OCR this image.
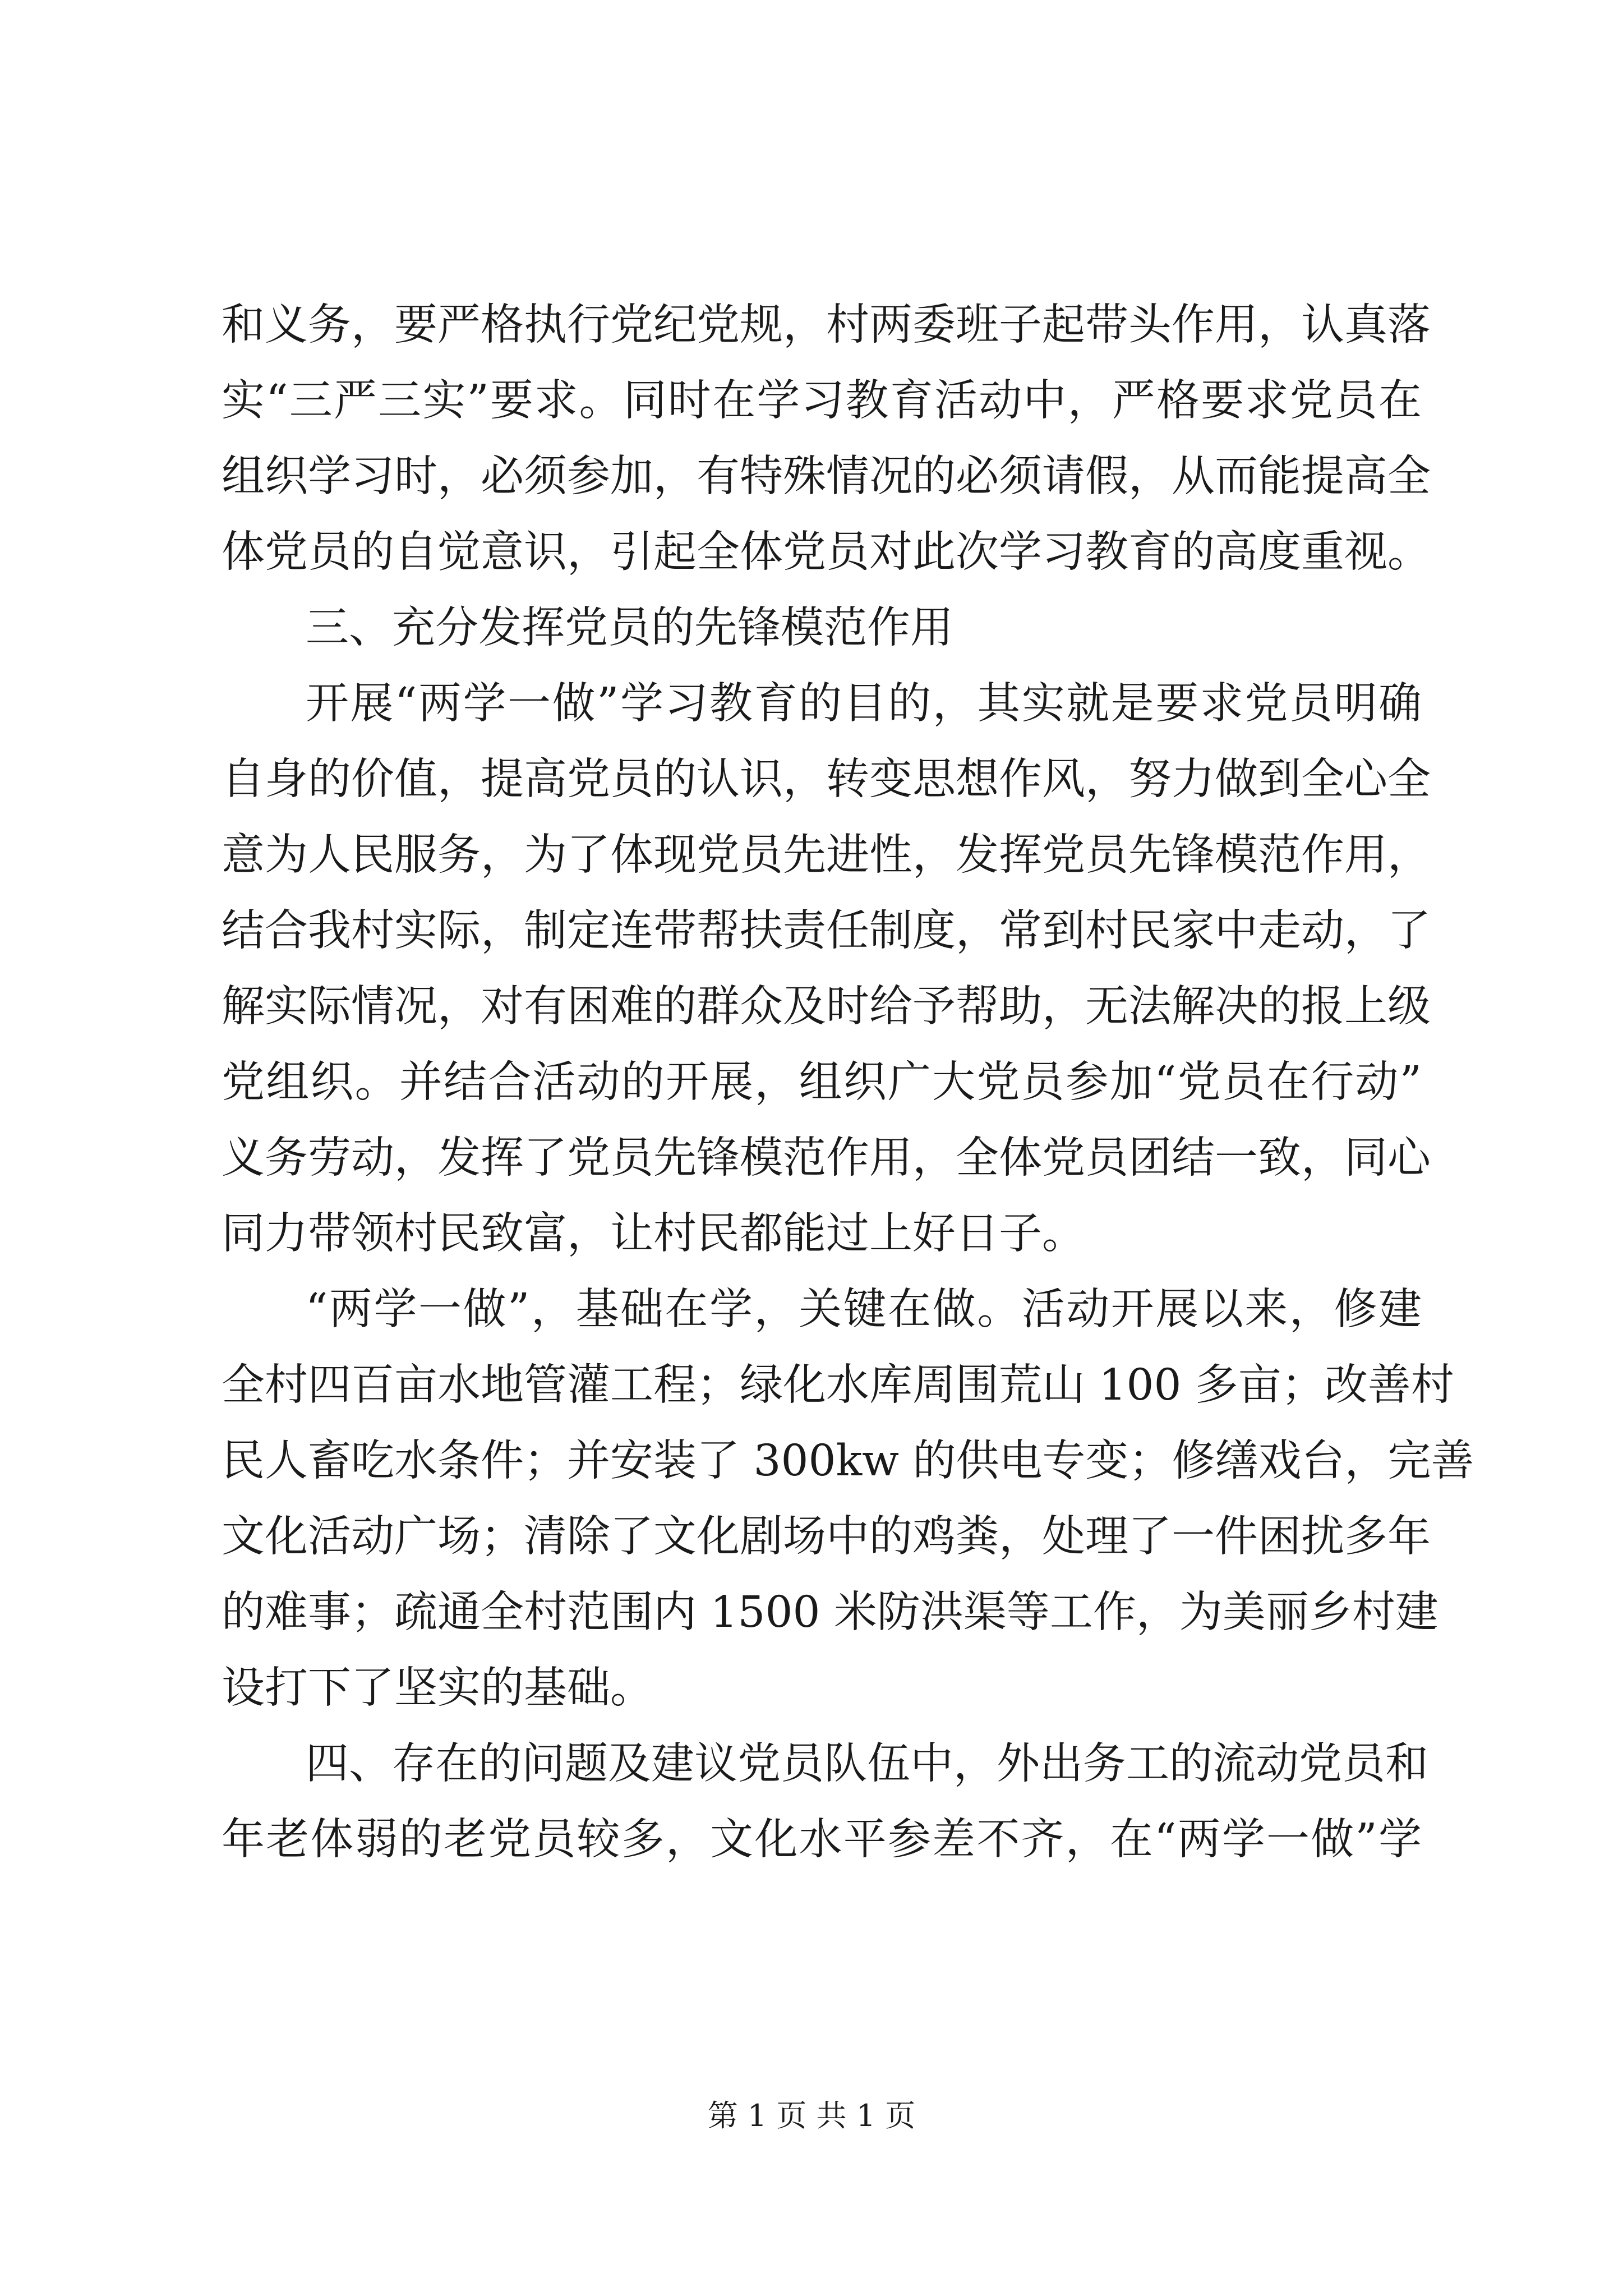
和义务，要严格执行党纪党规，村两委班子起带头作用，认真落

实“三严三实”要求。同时在学习教育活动中，严格要求党员在

组织学习时，必须参加，有特殊情况的必须请假，从而能提高全

体党员的自觉意识，引起全体党员对此次学习教育的高度重视。

三、充分发挥党员的先锋模范作用

开展“两学一做”学习教育的目的，其实就是要求党员明确

自身的价值，提高党员的认识，转变思想作风，努力做到全心全

意为人民服务，为了体现党员先进性，发挥党员先锋模范作用，

结合我村实际，制定连带帮扶责任制度，常到村民家中走动，了

解实际情况，对有困难的群众及时给予帮助，无法解决的报上级

党组织。并结合活动的开展，组织广大党员参加“党员在行动”

义务劳动，发挥了党员先锋模范作用，全体党员团结一致，同心

同力带领村民致富，让村民都能过上好日子。

“两学一做”，基础在学，关键在做。活动开展以来，修建

全村四百亩水地管灌工程；绿化水库周围荒山 100 多亩；改善村

民人畜吃水条件；并安装了 300kw 的供电专变；修缮戏台，完善

文化活动广场；清除了文化剧场中的鸡粪，处理了一件困扰多年

的难事；疏通全村范围内 1500 米防洪渠等工作，为美丽乡村建

设打下了坚实的基础。

四、存在的问题及建议党员队伍中，外出务工的流动党员和

年老体弱的老党员较多，文化水平参差不齐，在“两学一做”学

第 1 页 共 1 页
